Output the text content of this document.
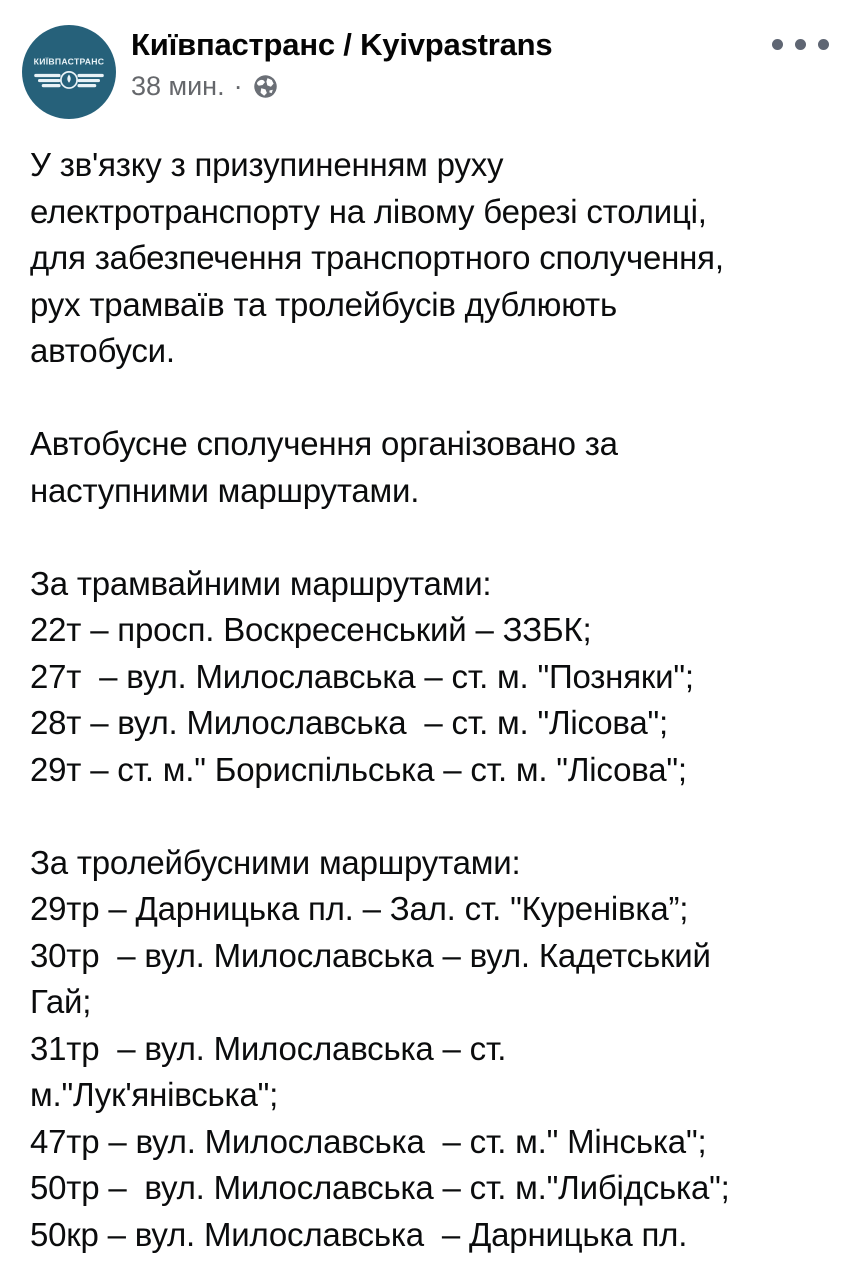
КИЇВПАСТРАНС Київпастранс / Kyivpastrans
38 мин. ·
У зв'язку з призупиненням руху
електротранспорту на лівому березі столиці,
для забезпечення транспортного сполучення,
рух трамваїв та тролейбусів дублюють
автобуси.
Автобусне сполучення організовано за
наступними маршрутами.
За трамвайними маршрутами:
22т – просп. Воскресенський – ЗЗБК;
27т  – вул. Милославська – ст. м. "Позняки";
28т – вул. Милославська  – ст. м. "Лісова";
29т – ст. м." Бориспільська – ст. м. "Лісова";
За тролейбусними маршрутами:
29тр – Дарницька пл. – Зал. ст. "Куренівка”;
30тр  – вул. Милославська – вул. Кадетський
Гай;
31тр  – вул. Милославська – ст.
м."Лук'янівська";
47тр – вул. Милославська  – ст. м." Мінська";
50тр –  вул. Милославська – ст. м."Либідська";
50кр – вул. Милославська  – Дарницька пл.
